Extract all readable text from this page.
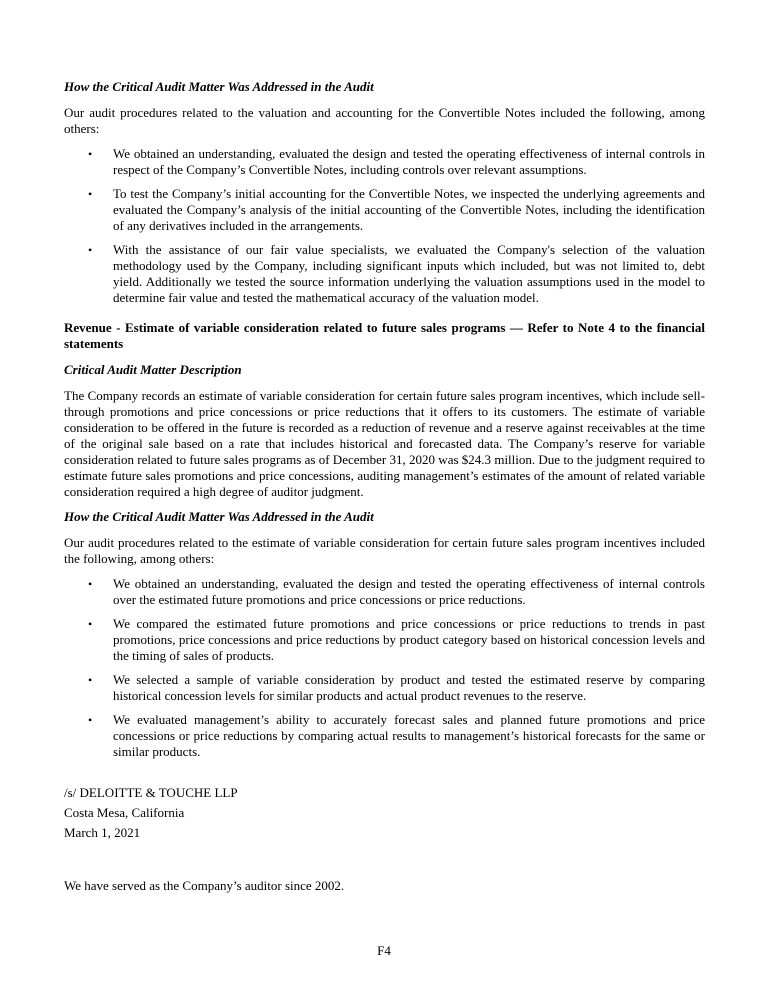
How the Critical Audit Matter Was Addressed in the Audit

Our audit procedures related to the valuation and accounting for the Convertible Notes included the following, among others:

•	We obtained an understanding, evaluated the design and tested the operating effectiveness of internal controls in respect of the Company’s Convertible Notes, including controls over relevant assumptions.
•	To test the Company’s initial accounting for the Convertible Notes, we inspected the underlying agreements and evaluated the Company’s analysis of the initial accounting of the Convertible Notes, including the identification of any derivatives included in the arrangements.
•	With the assistance of our fair value specialists, we evaluated the Company's selection of the valuation methodology used by the Company, including significant inputs which included, but was not limited to, debt yield. Additionally we tested the source information underlying the valuation assumptions used in the model to determine fair value and tested the mathematical accuracy of the valuation model.
Revenue - Estimate of variable consideration related to future sales programs — Refer to Note 4 to the financial statements
Critical Audit Matter Description

The Company records an estimate of variable consideration for certain future sales program incentives, which include sell-through promotions and price concessions or price reductions that it offers to its customers. The estimate of variable consideration to be offered in the future is recorded as a reduction of revenue and a reserve against receivables at the time of the original sale based on a rate that includes historical and forecasted data. The Company’s reserve for variable consideration related to future sales programs as of December 31, 2020 was $24.3 million. Due to the judgment required to estimate future sales promotions and price concessions, auditing management’s estimates of the amount of related variable consideration required a high degree of auditor judgment.

How the Critical Audit Matter Was Addressed in the Audit

Our audit procedures related to the estimate of variable consideration for certain future sales program incentives included the following, among others:

•	We obtained an understanding, evaluated the design and tested the operating effectiveness of internal controls over the estimated future promotions and price concessions or price reductions.
•	We compared the estimated future promotions and price concessions or price reductions to trends in past promotions, price concessions and price reductions by product category based on historical concession levels and the timing of sales of products.
•	We selected a sample of variable consideration by product and tested the estimated reserve by comparing historical concession levels for similar products and actual product revenues to the reserve.
•	We evaluated management’s ability to accurately forecast sales and planned future promotions and price concessions or price reductions by comparing actual results to management’s historical forecasts for the same or similar products.

/s/ DELOITTE & TOUCHE LLP

Costa Mesa, California

March 1, 2021

We have served as the Company’s auditor since 2002.

F4
